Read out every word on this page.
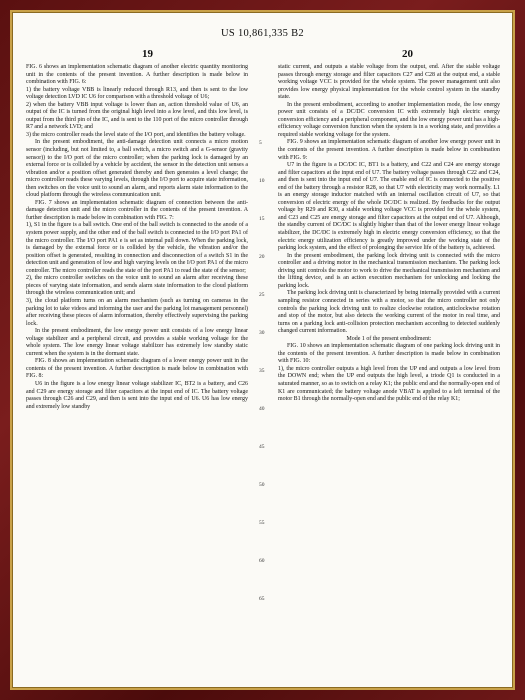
US 10,861,335 B2
19	20

FIG. 6 shows an implementation schematic diagram of another electric quantity monitoring unit in the contents of the present invention. A further description is made below in combination with FIG. 6:

1) the battery voltage VBB is linearly reduced through R13, and then is sent to the low voltage detection LVD IC U6 for comparison with a threshold voltage of U6;

2) when the battery VBB input voltage is lower than an, action threshold value of U6, an output of the IC is turned from the original high level into a low level, and this low level, is output from the third pin of the IC, and is sent to the 110 port of the micro controller through R7 and a network LVD; and

3) the micro controller reads the level state of the I/O port, and identifies the battery voltage.

In the present embodiment, the anti-damage detection unit connects a micro motion sensor (including, but not limited to, a ball switch, a micro switch and a G-sensor (gravity sensor)) to the I/O port of the micro controller; when the parking lock is damaged by an external force or is collided by a vehicle by accident, the sensor in the detection unit senses a vibration and/or a position offset generated thereby and then generates a level change; the micro controller reads these varying levels, through the I/O port to acquire state information, then switches on the voice unit to sound an alarm, and reports alarm state information to the cloud platform through the wireless communication unit.

FIG. 7 shows an implementation schematic diagram of connection between the anti-damage detection unit and the micro controller in the contents of the present invention. A further description is made below in combination with FIG. 7:

1), S1 in the figure is a ball switch. One end of the ball switch is connected to the anode of a system power supply, and the other end of the ball switch is connected to the I/O port PA1 of the micro controller. The I/O port PA1 e is set as internal pull down. When the parking lock, is damaged by the external force or is collided by the vehicle, the vibration and/or the position offset is generated, resulting in connection and disconnection of a switch S1 in the detection unit and generation of low and high varying levels on the I/O port PA1 of the micro controller. The micro controller reads the state of the port PA1 to read the state of the sensor;

2), the micro controller switches on the voice unit to sound an alarm after receiving these pieces of varying state information, and sends alarm state information to the cloud platform through the wireless communication unit; and

3), the cloud platform turns on an alarm mechanism (such as turning on cameras in the parking lot to take videos and informing the user and the parking lot management personnel) after receiving these pieces of alarm information, thereby effectively supervising the parking lock.

In the present embodiment, the low energy power unit consists of a low energy linear voltage stabilizer and a peripheral circuit, and provides a stable working voltage for the whole system. The low energy linear voltage stabilizer has extremely low standby static current when the system is in the dormant state.

FIG. 8 shows an implementation schematic diagram of a lower energy power unit in the contents of the present invention. A further description is made below in combination with FIG. 8:

U6 in the figure is a low energy linear voltage stabilizer IC, BT2 is a battery, and C26 and C29 are energy storage and filter capacitors at the input end of IC. The battery voltage passes through C26 and C29, and then is sent into the input end of U6. U6 has low energy and extremely low standby

5
10
15
20
25
30
35
40
45
50
55
60
65

static current, and outputs a stable voltage from the output, end. After the stable voltage passes through energy storage and filter capacitors C27 and C28 at the output end, a stable working voltage VCC is provided for the whole system. The power management unit also provides low energy physical implementation for the whole control system in the standby state.

In the present embodiment, according to another implementation mode, the low energy power unit consists of a DC/DC conversion IC with extremely high electric energy conversion efficiency and a peripheral component, and the low energy power unit has a high-efficiency voltage conversion function when the system is in a working state, and provides a required stable working voltage for the system.

FIG. 9 shows an implementation schematic diagram of another low energy power unit in the contents of the present invention. A further description is made below in combination with FIG. 9:

U7 in the figure is a DC/DC IC, BT1 is a battery, and C22 and C24 are energy storage and filter capacitors at the input end of U7. The battery voltage passes through C22 and C24, and then is sent into the input end of U7. The enable end of IC is connected to the positive end of the battery through a resistor R28, so that U7 with electricity may work normally. L1 is an energy storage inductor matched with an internal oscillation circuit of U7, so that conversion of electric energy of the whole DC/DC is realized. By feedbacks for the output voltage by R29 and R30, a stable working voltage VCC is provided for the whole system, and C23 and C25 are energy storage and filter capacitors at the output end of U7. Although, the standby current of DC/DC is slightly higher than that of the lower energy linear voltage stabilizer, the DC/DC is extremely high in electric energy conversion efficiency, so that the electric energy utilization efficiency is greatly improved under the working state of the parking lock system, and the effect of prolonging the service life of the battery is, achieved.

In the present embodiment, the parking lock driving unit is connected with the micro controller and a driving motor in the mechanical transmission mechanism. The parking lock driving unit controls the motor to work to drive the mechanical transmission mechanism and the lifting device, and is an action execution mechanism for unlocking and locking the parking lock.

The parking lock driving unit is characterized by being internally provided with a current sampling resistor connected in series with a motor, so that the micro controller not only controls the parking lock driving unit to realize clockwise rotation, anticlockwise rotation and stop of the motor, but also detects the working current of the motor in real time, and turns on a parking lock anti-collision protection mechanism according to detected suddenly changed current information.

Mode 1 of the present embodiment:

FIG. 10 shows an implementation schematic diagram of one parking lock driving unit in the contents of the present invention. A further description is made below in combination with FIG. 10:

1), the micro controller outputs a high level from the UP end and outputs a low level from the DOWN end; when the UP end outputs the high level, a triode Q1 is conducted in a saturated manner, so as to switch on a relay K1; the public end and the normally-open end of K1 are communicated; the battery voltage anode VBAT is applied to a left terminal of the motor B1 through the normally-open end and the public end of the relay K1;
